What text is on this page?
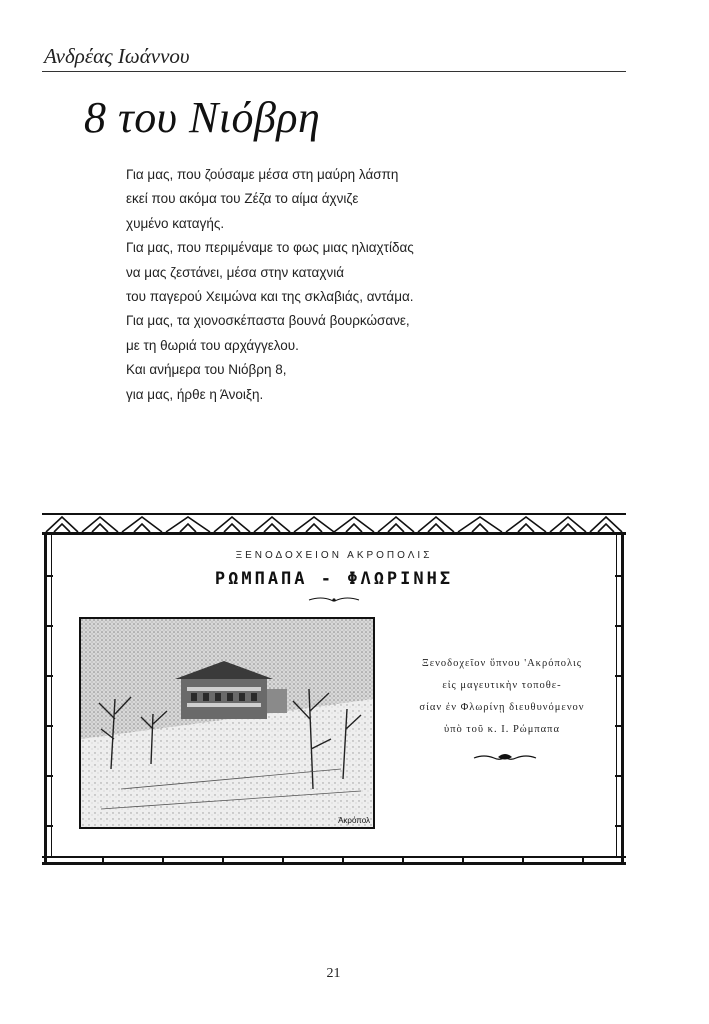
Ανδρέας Ιωάννου
8 του Νιόβρη
Για μας, που ζούσαμε μέσα στη μαύρη λάσπη
εκεί που ακόμα του Ζέζα το αίμα άχνιζε
χυμένο καταγής.
Για μας, που περιμέναμε το φως μιας ηλιαχτίδας
να μας ζεστάνει, μέσα στην καταχνιά
του παγερού Χειμώνα και της σκλαβιάς, αντάμα.
Για μας, τα χιονοσκέπαστα βουνά βουρκώσανε,
με τη θωριά του αρχάγγελου.
Και ανήμερα του Νιόβρη 8,
για μας, ήρθε η Άνοιξη.
ΞΕΝΟΔΟΧΕΙΟΝ ΑΚΡΟΠΟΛΙΣ
ΡΩΜΠΑΠΑ - ΦΛΩΡΙΝΗΣ
Ἀκρόπολ
Ξενοδοχεῖον ὕπνου 'Ακρόπολις
εἰς μαγευτικὴν τοποθε-
σίαν ἐν Φλωρίνῃ διευθυνόμενον
ὑπὸ τοῦ κ. Ι. Ρώμπαπα
21
